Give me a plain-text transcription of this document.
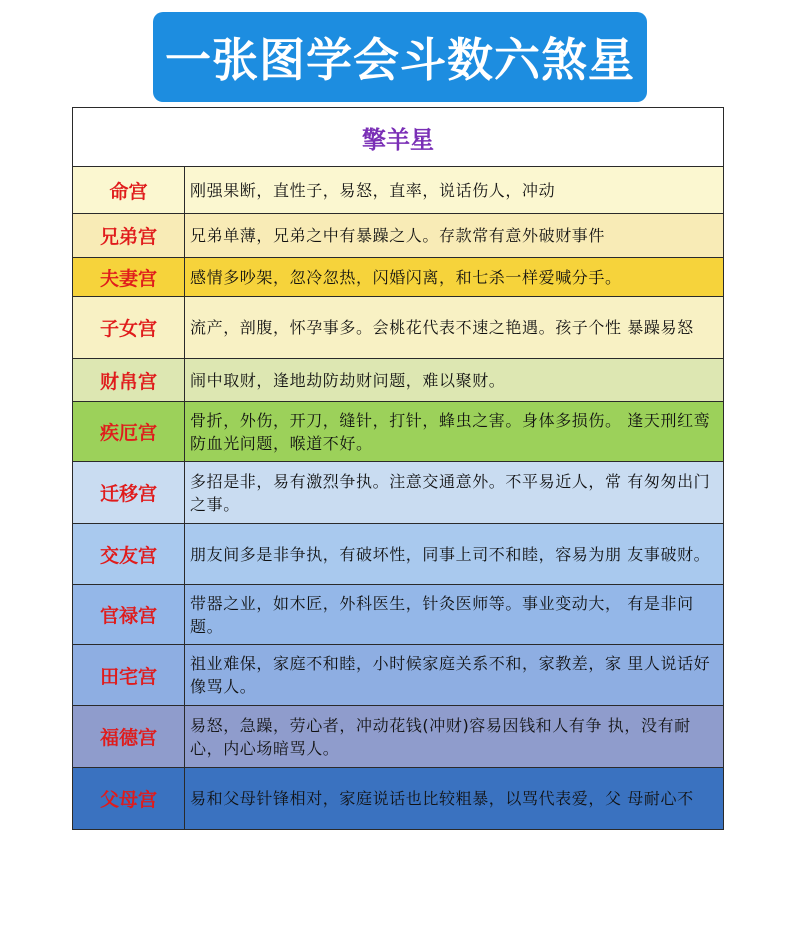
一张图学会斗数六煞星
擎羊星
命宫	刚强果断，直性子，易怒，直率，说话伤人，冲动
兄弟宫 兄弟单薄，兄弟之中有暴躁之人。存款常有意外破财事件
夫妻宫 感情多吵架，忽冷忽热，闪婚闪离，和七杀一样爱喊分手。
子女宫 流产，剖腹，怀孕事多。会桃花代表不速之艳遇。孩子个性 暴躁易怒
财帛宫 闹中取财，逢地劫防劫财问题，难以聚财。
疾厄宫
骨折，外伤，开刀，缝针，打针，蜂虫之害。身体多损伤。 逢天刑红鸾防血光问题，喉道不好。
迁移宫
多招是非，易有激烈争执。注意交通意外。不平易近人，常 有匆匆出门之事。
交友宫 朋友间多是非争执，有破坏性，同事上司不和睦，容易为朋 友事破财。
官禄宫
带器之业，如木匠，外科医生，针灸医师等。事业变动大， 有是非问题。
田宅宫
祖业难保，家庭不和睦，小时候家庭关系不和，家教差，家 里人说话好像骂人。
福德宫
易怒，急躁，劳心者，冲动花钱(冲财)容易因钱和人有争 执，没有耐心，内心场暗骂人。
父母宫 易和父母针锋相对，家庭说话也比较粗暴，以骂代表爱，父 母耐心不
